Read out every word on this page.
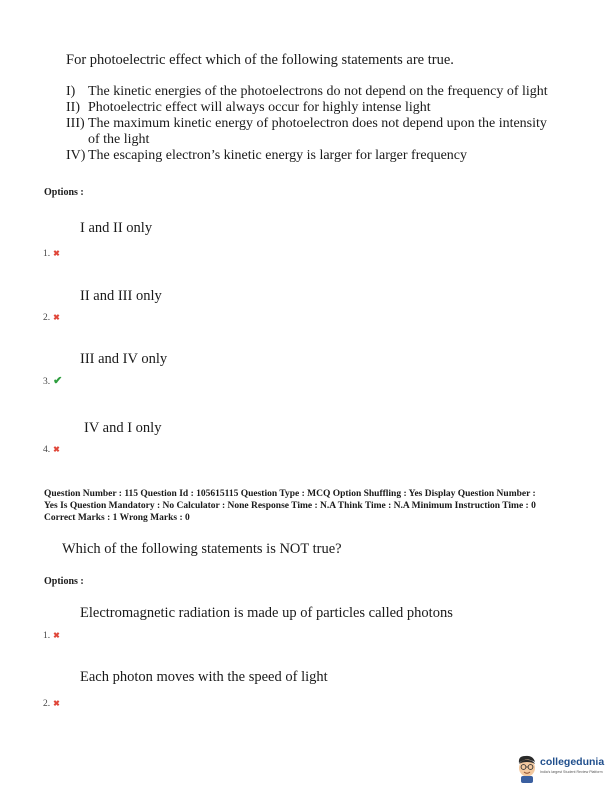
For photoelectric effect which of the following statements are true.
I) The kinetic energies of the photoelectrons do not depend on the frequency of light
II) Photoelectric effect will always occur for highly intense light
III) The maximum kinetic energy of photoelectron does not depend upon the intensity
of the light
IV) The escaping electron’s kinetic energy is larger for larger frequency
Options :
I and II only
1. ✖
II and III only
2. ✖
III and IV only
3. ✔
IV and I only
4. ✖
Question Number : 115 Question Id : 105615115 Question Type : MCQ Option Shuffling : Yes Display Question Number :
Yes Is Question Mandatory : No Calculator : None Response Time : N.A Think Time : N.A Minimum Instruction Time : 0
Correct Marks : 1 Wrong Marks : 0
Which of the following statements is NOT true?
Options :
Electromagnetic radiation is made up of particles called photons
1. ✖
Each photon moves with the speed of light
2. ✖
collegedunia
India's largest Student Review Platform
